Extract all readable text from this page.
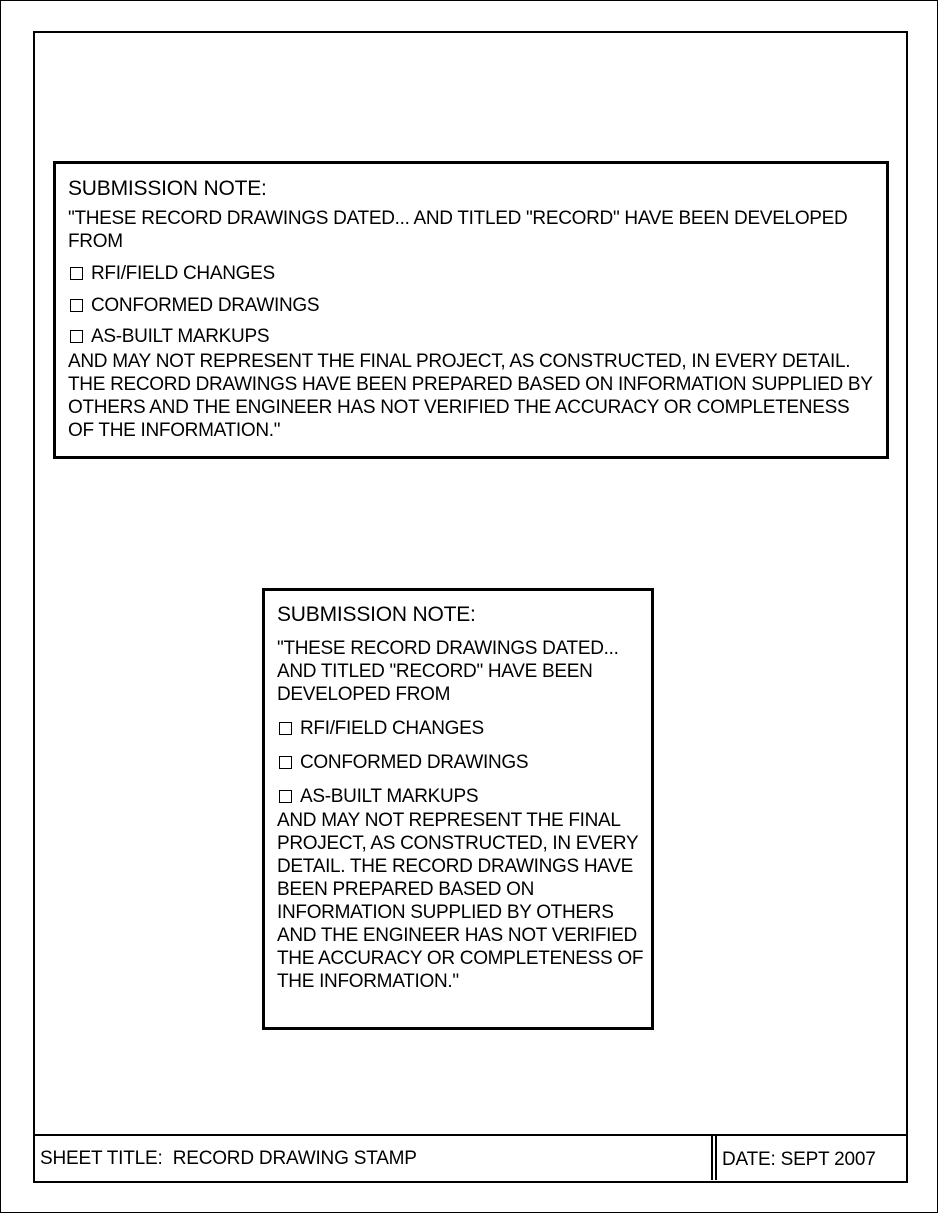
SUBMISSION NOTE:
"THESE RECORD DRAWINGS DATED... AND TITLED "RECORD" HAVE BEEN DEVELOPED FROM
RFI/FIELD CHANGES
CONFORMED DRAWINGS
AS-BUILT MARKUPS
AND MAY NOT REPRESENT THE FINAL PROJECT, AS CONSTRUCTED, IN EVERY DETAIL. THE RECORD DRAWINGS HAVE BEEN PREPARED BASED ON INFORMATION SUPPLIED BY OTHERS AND THE ENGINEER HAS NOT VERIFIED THE ACCURACY OR COMPLETENESS OF THE INFORMATION."
SUBMISSION NOTE:
"THESE RECORD DRAWINGS DATED... AND TITLED "RECORD" HAVE BEEN DEVELOPED FROM
RFI/FIELD CHANGES
CONFORMED DRAWINGS
AS-BUILT MARKUPS
AND MAY NOT REPRESENT THE FINAL PROJECT, AS CONSTRUCTED, IN EVERY DETAIL. THE RECORD DRAWINGS HAVE BEEN PREPARED BASED ON INFORMATION SUPPLIED BY OTHERS AND THE ENGINEER HAS NOT VERIFIED THE ACCURACY OR COMPLETENESS OF THE INFORMATION."
SHEET TITLE:  RECORD DRAWING STAMP	DATE: SEPT 2007
